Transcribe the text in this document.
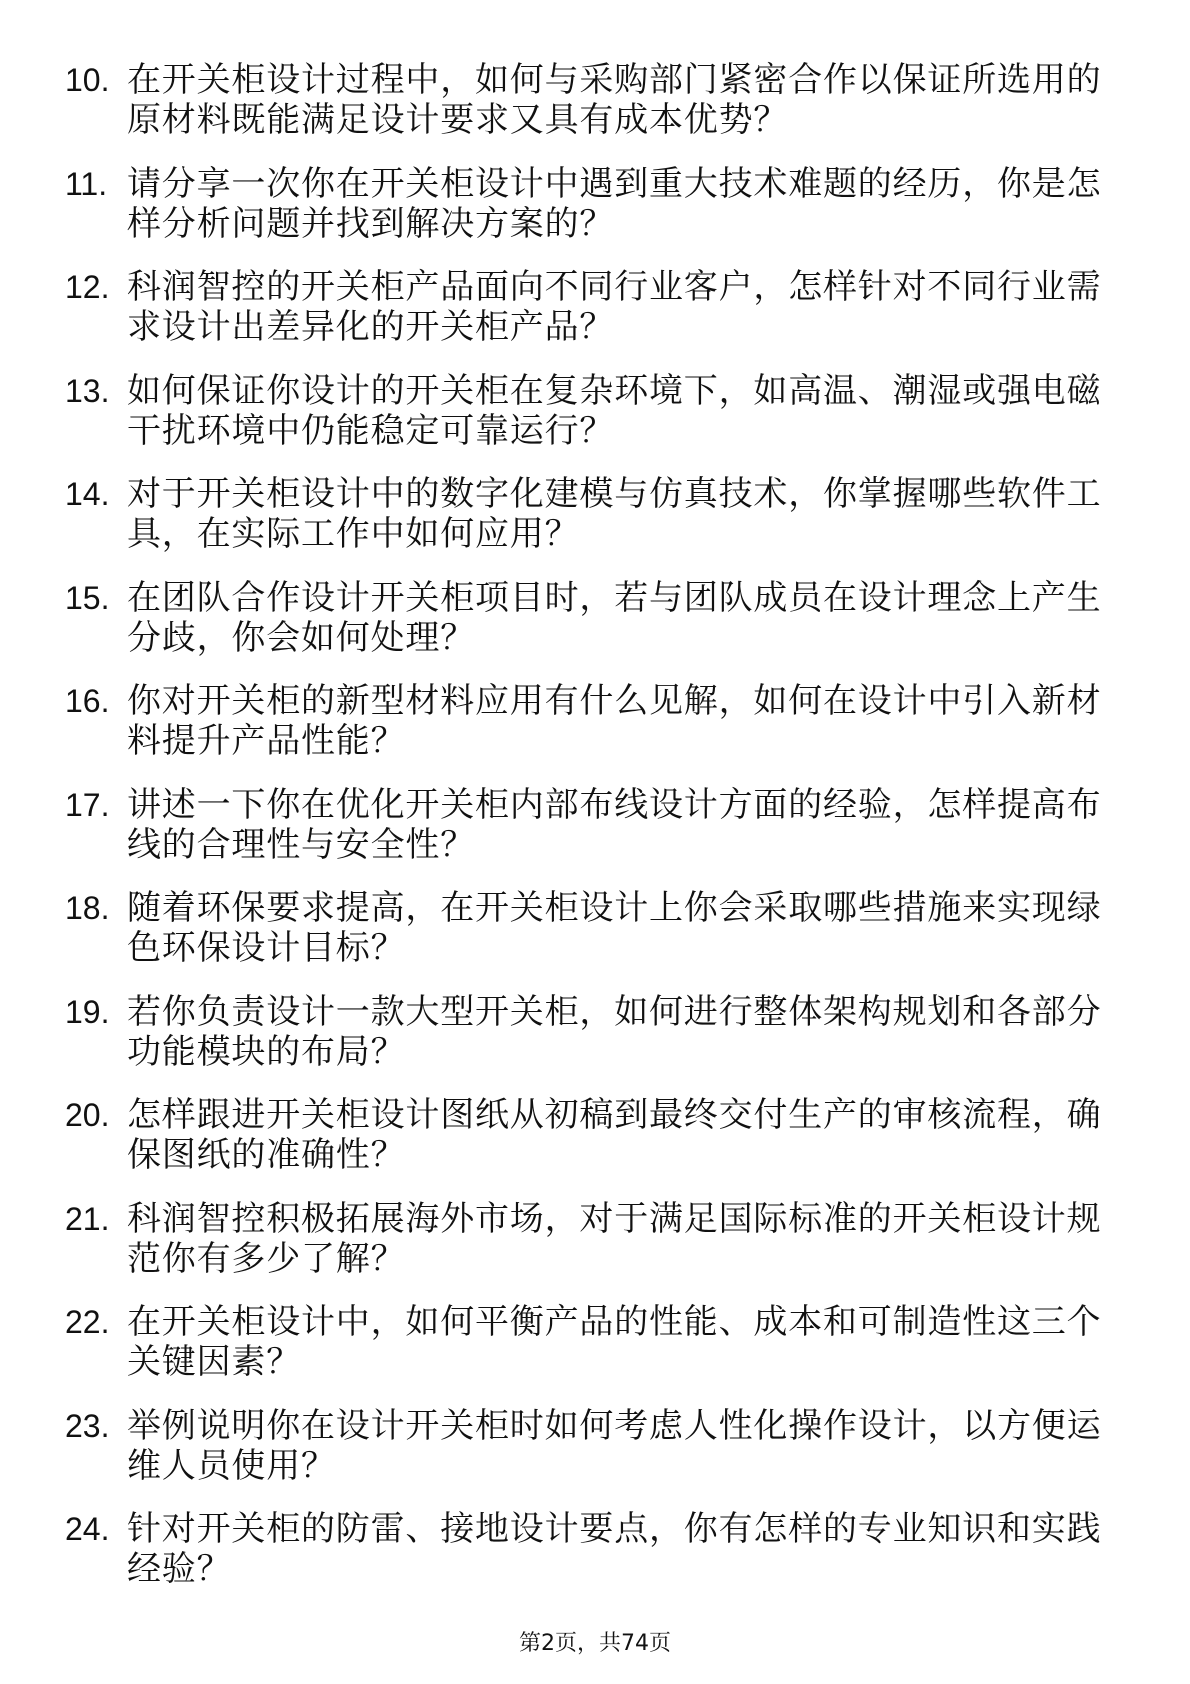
10. 在开关柜设计过程中，如何与采购部门紧密合作以保证所选用的
原材料既能满足设计要求又具有成本优势？
11. 请分享一次你在开关柜设计中遇到重大技术难题的经历，你是怎
样分析问题并找到解决方案的？
12. 科润智控的开关柜产品面向不同行业客户，怎样针对不同行业需
求设计出差异化的开关柜产品？
13. 如何保证你设计的开关柜在复杂环境下，如高温、潮湿或强电磁
干扰环境中仍能稳定可靠运行？
14. 对于开关柜设计中的数字化建模与仿真技术，你掌握哪些软件工
具，在实际工作中如何应用？
15. 在团队合作设计开关柜项目时，若与团队成员在设计理念上产生
分歧，你会如何处理？
16. 你对开关柜的新型材料应用有什么见解，如何在设计中引入新材
料提升产品性能？
17. 讲述一下你在优化开关柜内部布线设计方面的经验，怎样提高布
线的合理性与安全性？
18. 随着环保要求提高，在开关柜设计上你会采取哪些措施来实现绿
色环保设计目标？
19. 若你负责设计一款大型开关柜，如何进行整体架构规划和各部分
功能模块的布局？
20. 怎样跟进开关柜设计图纸从初稿到最终交付生产的审核流程，确
保图纸的准确性？
21. 科润智控积极拓展海外市场，对于满足国际标准的开关柜设计规
范你有多少了解？
22. 在开关柜设计中，如何平衡产品的性能、成本和可制造性这三个
关键因素？
23. 举例说明你在设计开关柜时如何考虑人性化操作设计，以方便运
维人员使用？
24. 针对开关柜的防雷、接地设计要点，你有怎样的专业知识和实践
经验？
第2页，共74页
